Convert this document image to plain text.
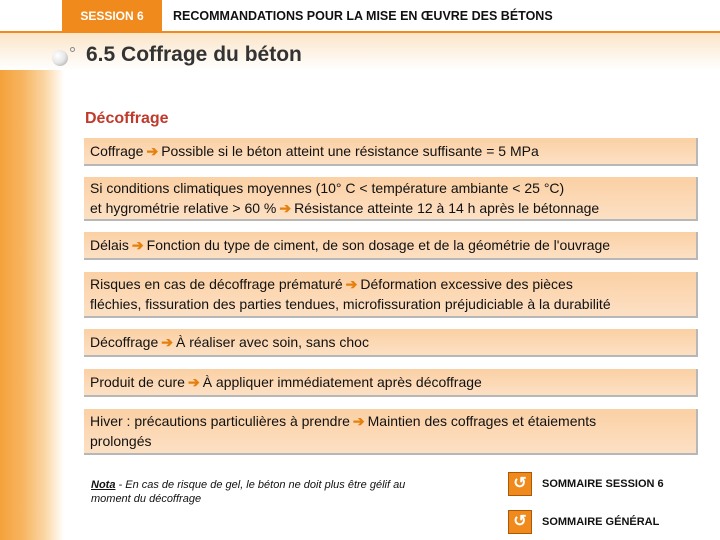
SESSION 6	RECOMMANDATIONS POUR LA MISE EN ŒUVRE DES BÉTONS
6.5 Coffrage du béton
Décoffrage
Coffrage ➔ Possible si le béton atteint une résistance suffisante = 5 MPa
Si conditions climatiques moyennes (10° C < température ambiante < 25 °C)
et hygrométrie relative > 60 % ➔ Résistance atteinte 12 à 14 h après le bétonnage
Délais ➔ Fonction du type de ciment, de son dosage et de la géométrie de l'ouvrage
Risques en cas de décoffrage prématuré ➔ Déformation excessive des pièces
fléchies, fissuration des parties tendues, microfissuration préjudiciable à la durabilité
Décoffrage ➔ À réaliser avec soin, sans choc
Produit de cure ➔ À appliquer immédiatement après décoffrage
Hiver : précautions particulières à prendre ➔ Maintien des coffrages et étaiements
prolongés
Nota - En cas de risque de gel, le béton ne doit plus être gélif au moment du décoffrage
↺	SOMMAIRE SESSION 6
↺	SOMMAIRE GÉNÉRAL
